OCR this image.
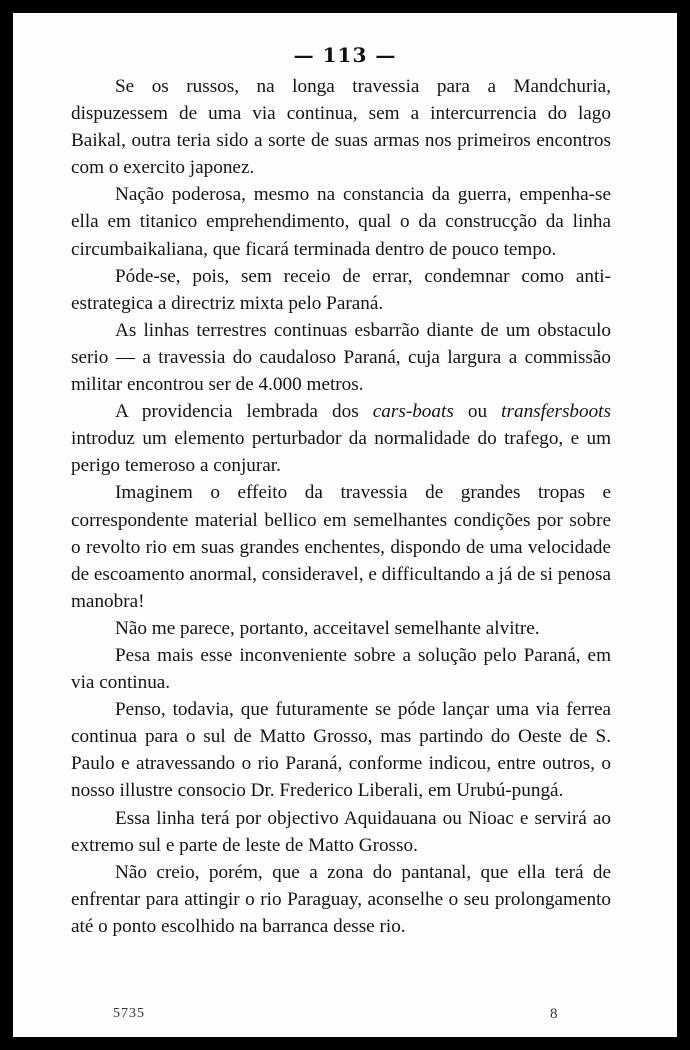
— 113 —

Se os russos, na longa travessia para a Mandchuria, dispuzessem de uma via continua, sem a intercurrencia do lago Baikal, outra teria sido a sorte de suas armas nos primeiros encontros com o exercito japonez.

Nação poderosa, mesmo na constancia da guerra, empenha-se ella em titanico emprehendimento, qual o da construcção da linha circumbaikaliana, que ficará terminada dentro de pouco tempo.

Póde-se, pois, sem receio de errar, condemnar como anti-estrategica a directriz mixta pelo Paraná.

As linhas terrestres continuas esbarrão diante de um obstaculo serio — a travessia do caudaloso Paraná, cuja largura a commissão militar encontrou ser de 4.000 metros.

A providencia lembrada dos cars-boats ou transfersboots introduz um elemento perturbador da normalidade do trafego, e um perigo temeroso a conjurar.

Imaginem o effeito da travessia de grandes tropas e correspondente material bellico em semelhantes condições por sobre o revolto rio em suas grandes enchentes, dispondo de uma velocidade de escoamento anormal, consideravel, e difficultando a já de si penosa manobra!

Não me parece, portanto, acceitavel semelhante alvitre.

Pesa mais esse inconveniente sobre a solução pelo Paraná, em via continua.

Penso, todavia, que futuramente se póde lançar uma via ferrea continua para o sul de Matto Grosso, mas partindo do Oeste de S. Paulo e atravessando o rio Paraná, conforme indicou, entre outros, o nosso illustre consocio Dr. Frederico Liberali, em Urubú-pungá.

Essa linha terá por objectivo Aquidauana ou Nioac e servirá ao extremo sul e parte de leste de Matto Grosso.

Não creio, porém, que a zona do pantanal, que ella terá de enfrentar para attingir o rio Paraguay, aconselhe o seu prolongamento até o ponto escolhido na barranca desse rio.

5735	8
